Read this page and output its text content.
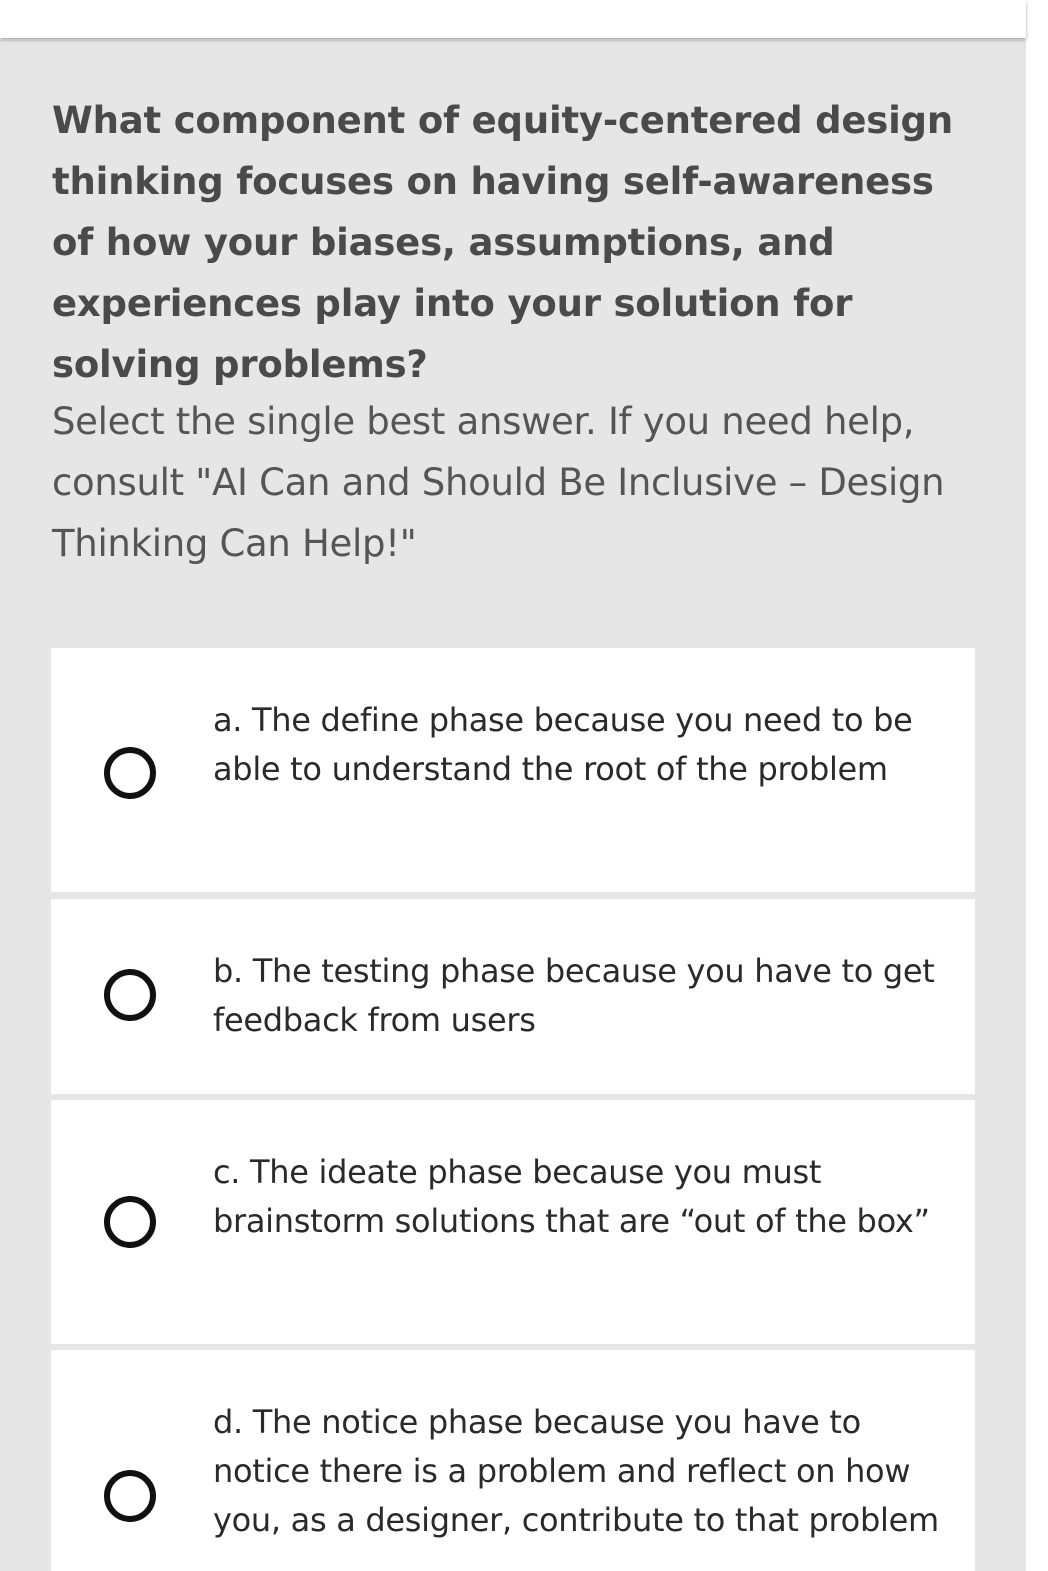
What component of equity-centered design thinking focuses on having self-awareness of how your biases, assumptions, and experiences play into your solution for solving problems?

Select the single best answer. If you need help, consult "AI Can and Should Be Inclusive – Design Thinking Can Help!"

a. The define phase because you need to be able to understand the root of the problem
b. The testing phase because you have to get feedback from users
c. The ideate phase because you must brainstorm solutions that are “out of the box”
d. The notice phase because you have to notice there is a problem and reflect on how you, as a designer, contribute to that problem
